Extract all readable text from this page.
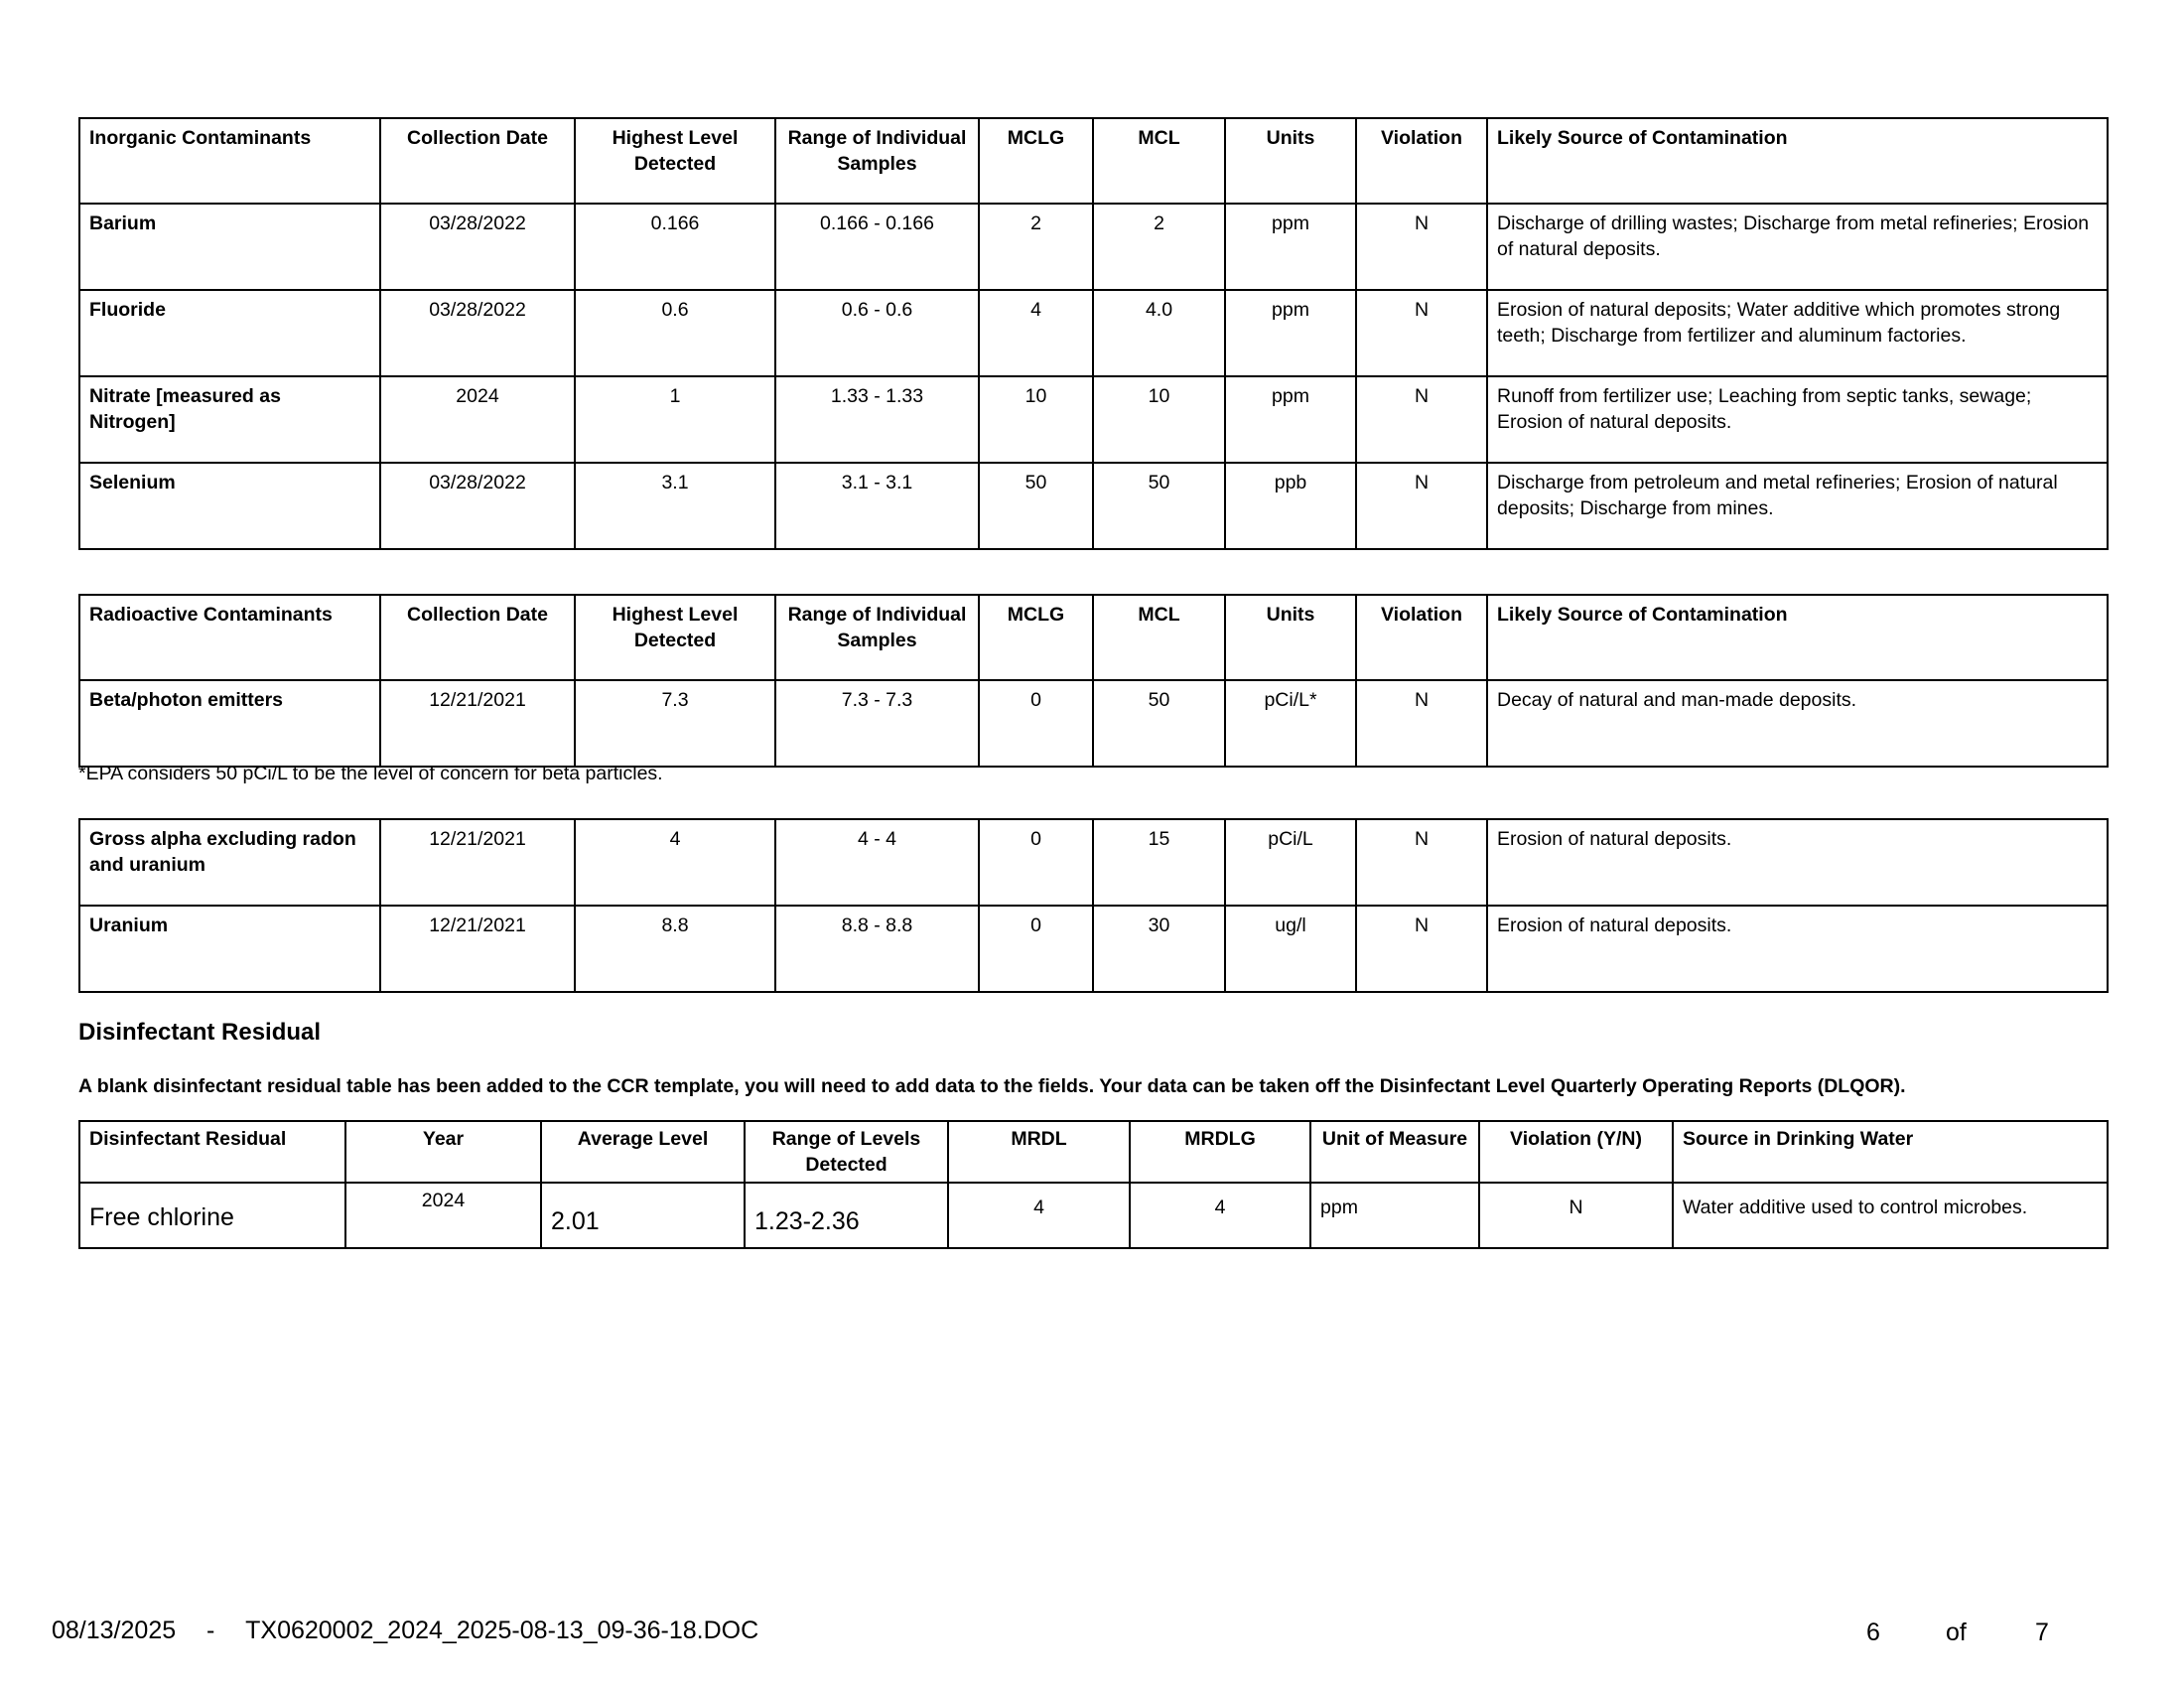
Inorganic Contaminants	Collection Date	Highest Level Detected	Range of Individual Samples	MCLG	MCL	Units	Violation	Likely Source of Contamination
Barium	03/28/2022	0.166	0.166 - 0.166	2	2	ppm	N	Discharge of drilling wastes; Discharge from metal refineries; Erosion of natural deposits.
Fluoride	03/28/2022	0.6	0.6 - 0.6	4	4.0	ppm	N	Erosion of natural deposits; Water additive which promotes strong teeth; Discharge from fertilizer and aluminum factories.
Nitrate [measured as Nitrogen]	2024	1	1.33 - 1.33	10	10	ppm	N	Runoff from fertilizer use; Leaching from septic tanks, sewage; Erosion of natural deposits.
Selenium	03/28/2022	3.1	3.1 - 3.1	50	50	ppb	N	Discharge from petroleum and metal refineries; Erosion of natural deposits; Discharge from mines.
Radioactive Contaminants	Collection Date	Highest Level Detected	Range of Individual Samples	MCLG	MCL	Units	Violation	Likely Source of Contamination
Beta/photon emitters	12/21/2021	7.3	7.3 - 7.3	0	50	pCi/L*	N	Decay of natural and man-made deposits.
*EPA considers 50 pCi/L to be the level of concern for beta particles.
Gross alpha excluding radon and uranium	12/21/2021	4	4 - 4	0	15	pCi/L	N	Erosion of natural deposits.
Uranium	12/21/2021	8.8	8.8 - 8.8	0	30	ug/l	N	Erosion of natural deposits.
Disinfectant Residual
A blank disinfectant residual table has been added to the CCR template, you will need to add data to the fields. Your data can be taken off the Disinfectant Level Quarterly Operating Reports (DLQOR).
Disinfectant Residual	Year	Average Level	Range of Levels Detected	MRDL	MRDLG	Unit of Measure	Violation (Y/N)	Source in Drinking Water
Free chlorine	2024	2.01	1.23-2.36	4	4	ppm	N	Water additive used to control microbes.
08/13/2025 - TX0620002_2024_2025-08-13_09-36-18.DOC	6	of	7
